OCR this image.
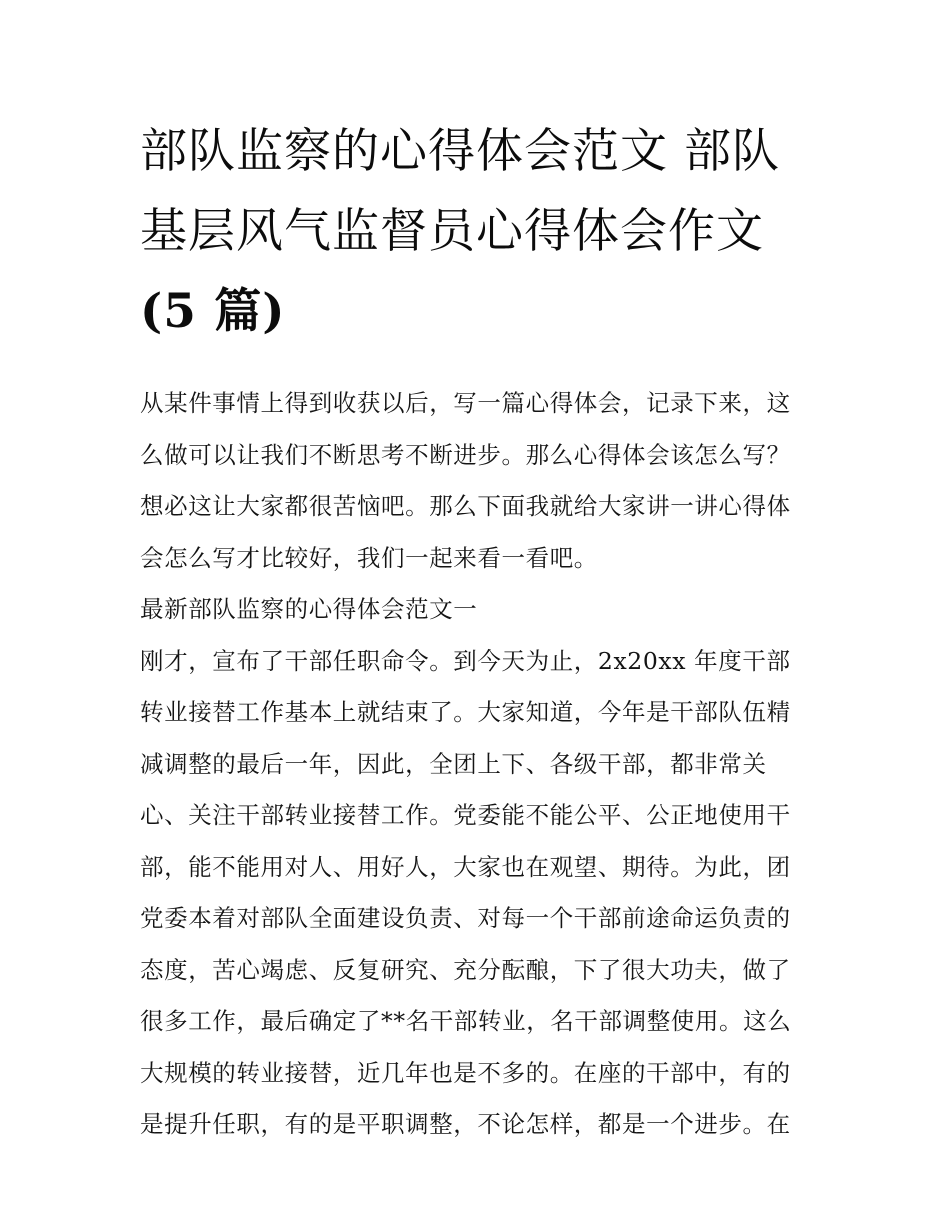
部队监察的心得体会范文 部队
基层风气监督员心得体会作文
(5 篇)
从某件事情上得到收获以后，写一篇心得体会，记录下来，这
么做可以让我们不断思考不断进步。那么心得体会该怎么写？
想必这让大家都很苦恼吧。那么下面我就给大家讲一讲心得体
会怎么写才比较好，我们一起来看一看吧。
最新部队监察的心得体会范文一
刚才，宣布了干部任职命令。到今天为止，2x20xx 年度干部
转业接替工作基本上就结束了。大家知道，今年是干部队伍精
减调整的最后一年，因此，全团上下、各级干部，都非常关
心、关注干部转业接替工作。党委能不能公平、公正地使用干
部，能不能用对人、用好人，大家也在观望、期待。为此，团
党委本着对部队全面建设负责、对每一个干部前途命运负责的
态度，苦心竭虑、反复研究、充分酝酿，下了很大功夫，做了
很多工作，最后确定了**名干部转业，名干部调整使用。这么
大规模的转业接替，近几年也是不多的。在座的干部中，有的
是提升任职，有的是平职调整，不论怎样，都是一个进步。在
